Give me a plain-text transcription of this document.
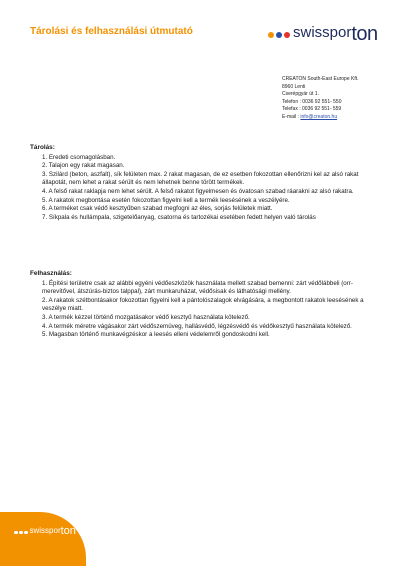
Tárolási és felhasználási útmutató	swisspor ton
CREATON South-East Europe Kft.
8960 Lenti
Cserépgyár út 1.
Telefon : 0036 92 551- 550
Telefax : 0036 92 551- 559
E-mail : info@creaton.hu
Tárolás:
1. Eredeti csomagolásban.
2. Talajon egy rakat magasan.
3. Szilárd (beton, aszfalt), sík felületen max. 2 rakat magasan, de ez esetben fokozottan ellenőrizni kel az alsó rakat állapotát, nem lehet a rakat sérült és nem lehetnek benne törött termékek.
4. A felső rakat raklapja nem lehet sérült. A felső rakatot figyelmesen és óvatosan szabad ráarakni az alsó rakatra.
5. A rakatok megbontása esetén fokozottan figyelni kell a termék leesésének a veszélyére.
6. A terméket csak védő kesztyűben szabad megfogni az éles, sorjás felületek miatt.
7. Síkpala és hullámpala, szigetelőanyag, csatorna és tartozékai esetében fedett helyen való tárolás
Felhasználás:
1. Építési területre csak az alábbi egyéni védőeszközök használata mellett szabad bemenni: zárt védőlábbeli (orr-merevítővel, átszúrás-biztos talppal), zárt munkaruházat, védősisak és láthatósági mellény.
2. A rakatok szétbontásakor fokozottan figyelni kell a pántolószalagok elvágására, a megbontott rakatok leesésének a veszélye miatt.
3. A termék kézzel történő mozgatásakor védő kesztyű használata kötelező.
4. A termék méretre vágásakor zárt védőszemüveg, hallásvédő, légzésvédő és védőkesztyű használata kötelező.
5. Magasban történő munkavégzéskor a leesés elleni védelemről gondoskodni kell.
swisspor ton
